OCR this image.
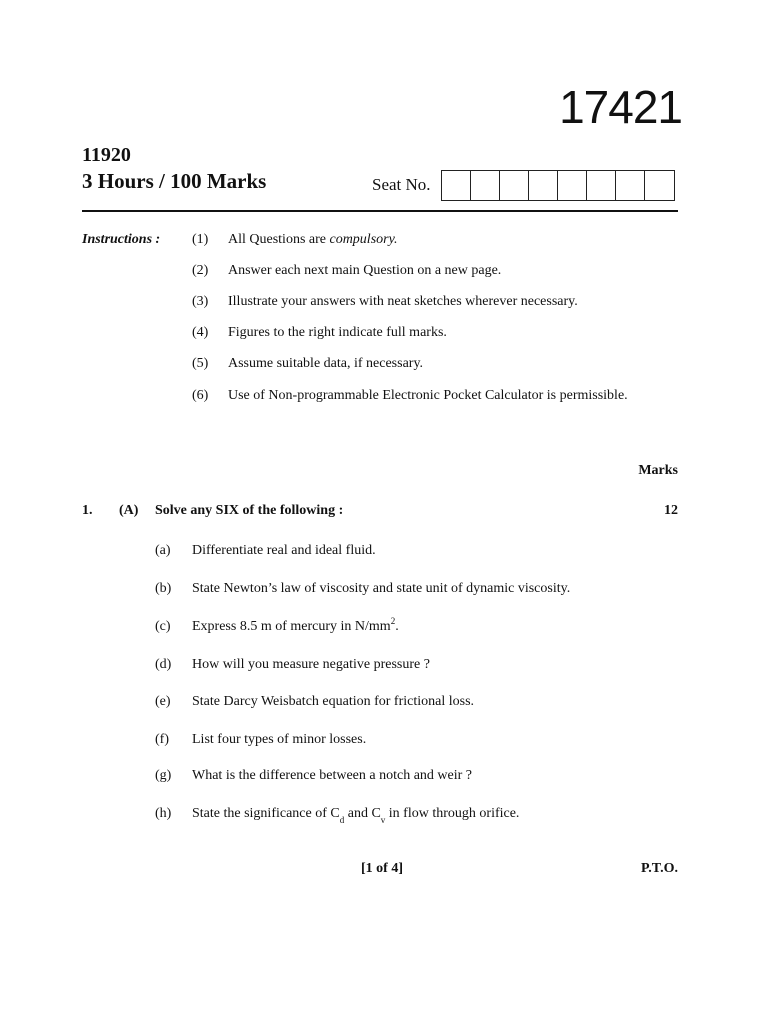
17421
11920
3 Hours / 100 Marks	Seat No.
Instructions : (1) All Questions are compulsory.
(2) Answer each next main Question on a new page.
(3) Illustrate your answers with neat sketches wherever necessary.
(4) Figures to the right indicate full marks.
(5) Assume suitable data, if necessary.
(6) Use of Non-programmable Electronic Pocket Calculator is permissible.
Marks
1. (A) Solve any SIX of the following :	12
(a) Differentiate real and ideal fluid.
(b) State Newton’s law of viscosity and state unit of dynamic viscosity.
(c) Express 8.5 m of mercury in $N/mm^2$.
(d) How will you measure negative pressure ?
(e) State Darcy Weisbatch equation for frictional loss.
(f) List four types of minor losses.
(g) What is the difference between a notch and weir ?
(h) State the significance of $C_d$ and $C_v$ in flow through orifice.
[1 of 4]	P.T.O.
